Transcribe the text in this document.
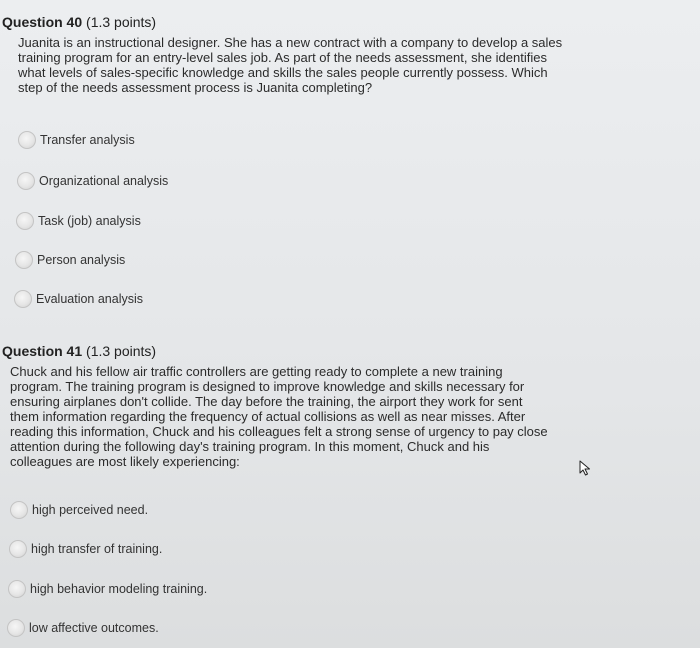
Question 40 (1.3 points)
Juanita is an instructional designer. She has a new contract with a company to develop a sales
training program for an entry-level sales job. As part of the needs assessment, she identifies
what levels of sales-specific knowledge and skills the sales people currently possess. Which
step of the needs assessment process is Juanita completing?
Transfer analysis
Organizational analysis
Task (job) analysis
Person analysis
Evaluation analysis
Question 41 (1.3 points)
Chuck and his fellow air traffic controllers are getting ready to complete a new training
program. The training program is designed to improve knowledge and skills necessary for
ensuring airplanes don't collide. The day before the training, the airport they work for sent
them information regarding the frequency of actual collisions as well as near misses. After
reading this information, Chuck and his colleagues felt a strong sense of urgency to pay close
attention during the following day's training program. In this moment, Chuck and his
colleagues are most likely experiencing:
high perceived need.
high transfer of training.
high behavior modeling training.
low affective outcomes.
